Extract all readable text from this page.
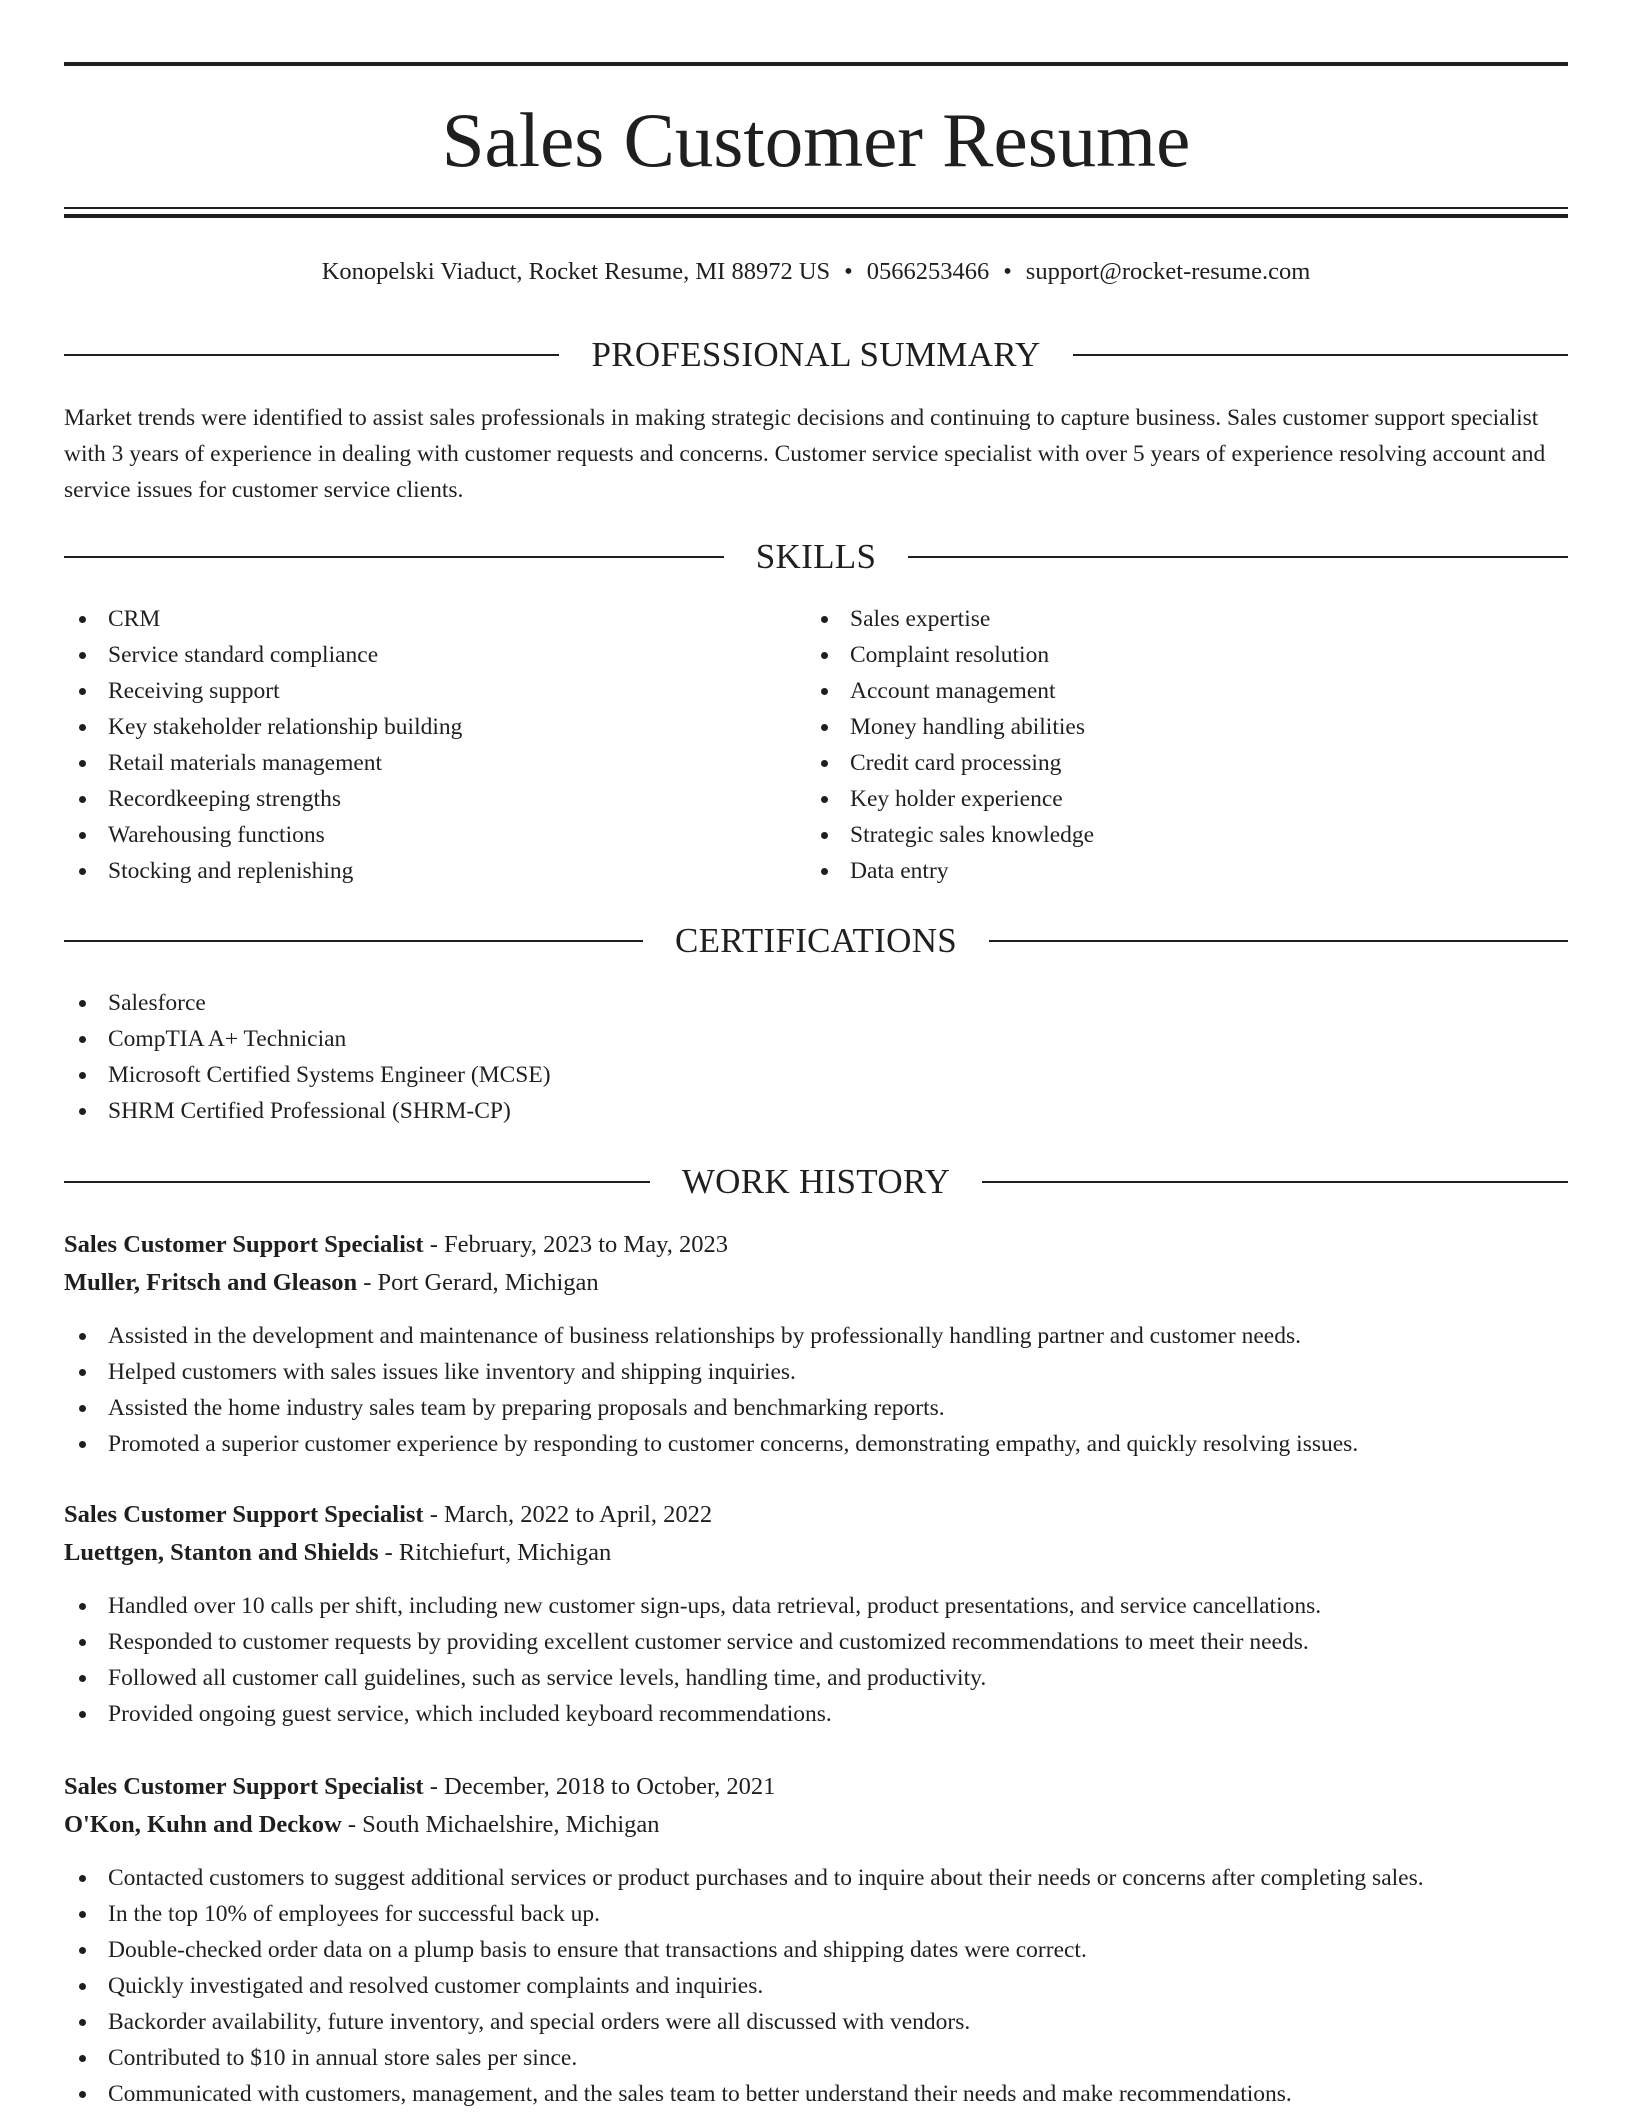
Sales Customer Resume
Konopelski Viaduct, Rocket Resume, MI 88972 US • 0566253466 • support@rocket-resume.com
PROFESSIONAL SUMMARY

Market trends were identified to assist sales professionals in making strategic decisions and continuing to capture business. Sales customer support specialist with 3 years of experience in dealing with customer requests and concerns. Customer service specialist with over 5 years of experience resolving account and service issues for customer service clients.

SKILLS
CRM
Service standard compliance
Receiving support
Key stakeholder relationship building
Retail materials management
Recordkeeping strengths
Warehousing functions
Stocking and replenishing
Sales expertise
Complaint resolution
Account management
Money handling abilities
Credit card processing
Key holder experience
Strategic sales knowledge
Data entry
CERTIFICATIONS
Salesforce
CompTIA A+ Technician
Microsoft Certified Systems Engineer (MCSE)
SHRM Certified Professional (SHRM-CP)
WORK HISTORY
Sales Customer Support Specialist - February, 2023 to May, 2023
Muller, Fritsch and Gleason - Port Gerard, Michigan
Assisted in the development and maintenance of business relationships by professionally handling partner and customer needs.
Helped customers with sales issues like inventory and shipping inquiries.
Assisted the home industry sales team by preparing proposals and benchmarking reports.
Promoted a superior customer experience by responding to customer concerns, demonstrating empathy, and quickly resolving issues.
Sales Customer Support Specialist - March, 2022 to April, 2022
Luettgen, Stanton and Shields - Ritchiefurt, Michigan
Handled over 10 calls per shift, including new customer sign-ups, data retrieval, product presentations, and service cancellations.
Responded to customer requests by providing excellent customer service and customized recommendations to meet their needs.
Followed all customer call guidelines, such as service levels, handling time, and productivity.
Provided ongoing guest service, which included keyboard recommendations.
Sales Customer Support Specialist - December, 2018 to October, 2021
O'Kon, Kuhn and Deckow - South Michaelshire, Michigan
Contacted customers to suggest additional services or product purchases and to inquire about their needs or concerns after completing sales.
In the top 10% of employees for successful back up.
Double-checked order data on a plump basis to ensure that transactions and shipping dates were correct.
Quickly investigated and resolved customer complaints and inquiries.
Backorder availability, future inventory, and special orders were all discussed with vendors.
Contributed to $10 in annual store sales per since.
Communicated with customers, management, and the sales team to better understand their needs and make recommendations.
